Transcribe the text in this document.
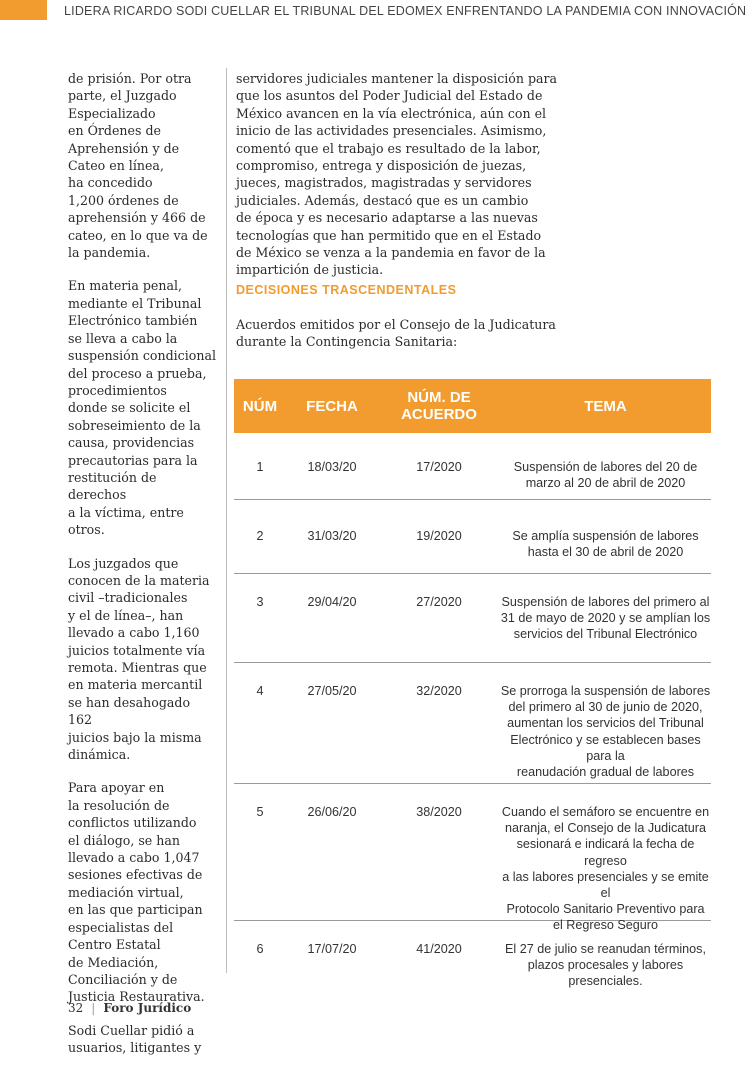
LIDERA RICARDO SODI CUELLAR EL TRIBUNAL DEL EDOMEX ENFRENTANDO LA PANDEMIA CON INNOVACIÓN

de prisión. Por otra
parte, el Juzgado
Especializado
en Órdenes de
Aprehensión y de
Cateo en línea,
ha concedido
1,200 órdenes de
aprehensión y 466 de
cateo, en lo que va de
la pandemia.

En materia penal,
mediante el Tribunal
Electrónico también
se lleva a cabo la
suspensión condicional
del proceso a prueba,
procedimientos
donde se solicite el
sobreseimiento de la
causa, providencias
precautorias para la
restitución de derechos
a la víctima, entre
otros.

Los juzgados que
conocen de la materia
civil –tradicionales
y el de línea–, han
llevado a cabo 1,160
juicios totalmente vía
remota. Mientras que
en materia mercantil
se han desahogado 162
juicios bajo la misma
dinámica.

Para apoyar en
la resolución de
conflictos utilizando
el diálogo, se han
llevado a cabo 1,047
sesiones efectivas de
mediación virtual,
en las que participan
especialistas del
Centro Estatal
de Mediación,
Conciliación y de
Justicia Restaurativa.

Sodi Cuellar pidió a
usuarios, litigantes y

servidores judiciales mantener la disposición para
que los asuntos del Poder Judicial del Estado de
México avancen en la vía electrónica, aún con el
inicio de las actividades presenciales. Asimismo,
comentó que el trabajo es resultado de la labor,
compromiso, entrega y disposición de juezas,
jueces, magistrados, magistradas y servidores
judiciales. Además, destacó que es un cambio
de época y es necesario adaptarse a las nuevas
tecnologías que han permitido que en el Estado
de México se venza a la pandemia en favor de la
impartición de justicia.

DECISIONES TRASCENDENTALES
Acuerdos emitidos por el Consejo de la Judicatura
durante la Contingencia Sanitaria:
NÚM	FECHA	NÚM. DE ACUERDO	TEMA
1	18/03/20	17/2020	Suspensión de labores del 20 de
marzo al 20 de abril de 2020
2	31/03/20	19/2020	Se amplía suspensión de labores
hasta el 30 de abril de 2020
3	29/04/20	27/2020	Suspensión de labores del primero al
31 de mayo de 2020 y se amplían los
servicios del Tribunal Electrónico
4	27/05/20	32/2020	Se prorroga la suspensión de labores
del primero al 30 de junio de 2020,
aumentan los servicios del Tribunal
Electrónico y se establecen bases para la
reanudación gradual de labores
5	26/06/20	38/2020	Cuando el semáforo se encuentre en
naranja, el Consejo de la Judicatura
sesionará e indicará la fecha de regreso
a las labores presenciales y se emite el
Protocolo Sanitario Preventivo para
el Regreso Seguro
6	17/07/20	41/2020	El 27 de julio se reanudan términos,
plazos procesales y labores
presenciales.
32 | Foro Jurídico
